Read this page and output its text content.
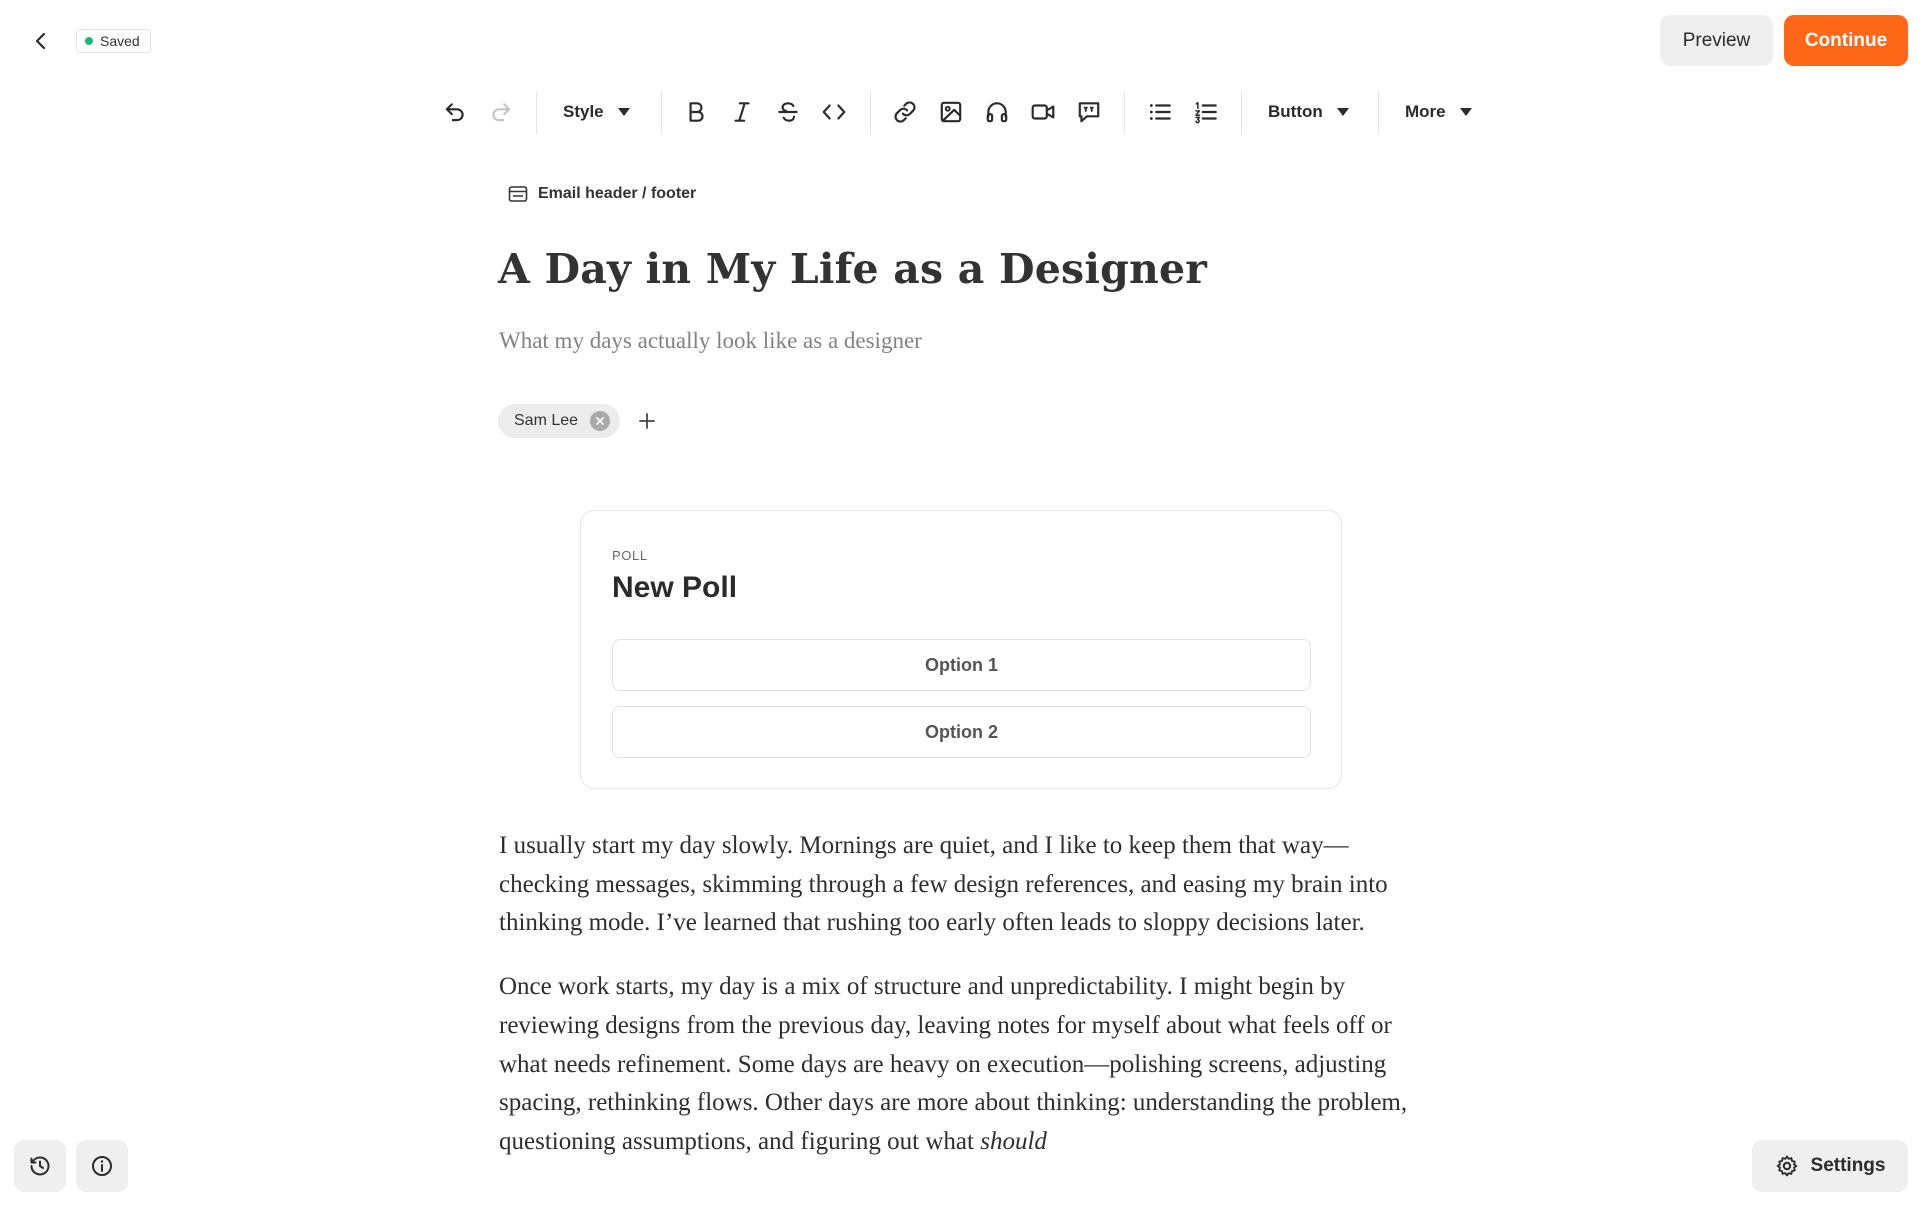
Saved	Preview	Continue
Style	Button	More
Email header / footer
A Day in My Life as a Designer

What my days actually look like as a designer

Sam Lee
POLL
New Poll
Option 1
Option 2

I usually start my day slowly. Mornings are quiet, and I like to keep them that way—checking messages, skimming through a few design references, and easing my brain into thinking mode. I’ve learned that rushing too early often leads to sloppy decisions later.

Once work starts, my day is a mix of structure and unpredictability. I might begin by reviewing designs from the previous day, leaving notes for myself about what feels off or what needs refinement. Some days are heavy on execution—polishing screens, adjusting spacing, rethinking flows. Other days are more about thinking: understanding the problem, questioning assumptions, and figuring out what should

Settings
